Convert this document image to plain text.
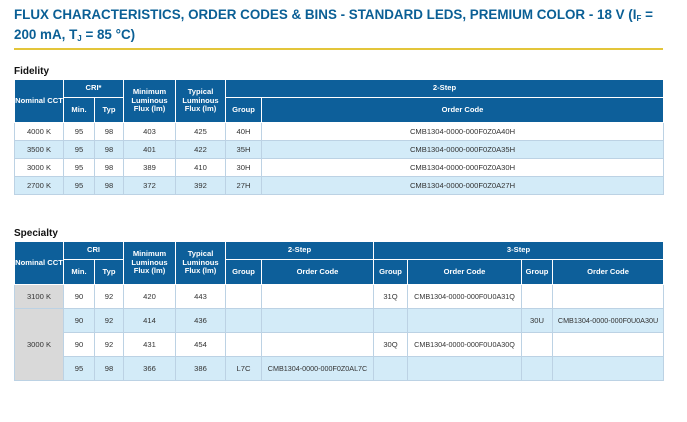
FLUX CHARACTERISTICS, ORDER CODES & BINS - STANDARD LEDS, PREMIUM COLOR - 18 V ($I_F = 200$ mA, $T_J = 85$ °C)
Fidelity
Nominal CCT	CRI*		Minimum Luminous Flux (lm)	Typical Luminous Flux (lm)	2-Step	
	Min.	Typ			Group	Order Code
4000 K	95	98	403	425	40H	CMB1304-0000-000F0Z0A40H
3500 K	95	98	401	422	35H	CMB1304-0000-000F0Z0A35H
3000 K	95	98	389	410	30H	CMB1304-0000-000F0Z0A30H
2700 K	95	98	372	392	27H	CMB1304-0000-000F0Z0A27H
Specialty
Nominal CCT	CRI		Minimum Luminous Flux (lm)	Typical Luminous Flux (lm)	2-Step		3-Step			
	Min.	Typ			Group	Order Code	Group	Order Code	Group	Order Code
3100 K	90	92	420	443			31Q	CMB1304-0000-000F0U0A31Q		
3000 K	90	92	414	436					30U	CMB1304-0000-000F0U0A30U
	90	92	431	454			30Q	CMB1304-0000-000F0U0A30Q		
	95	98	366	386	L7C	CMB1304-0000-000F0Z0AL7C				
